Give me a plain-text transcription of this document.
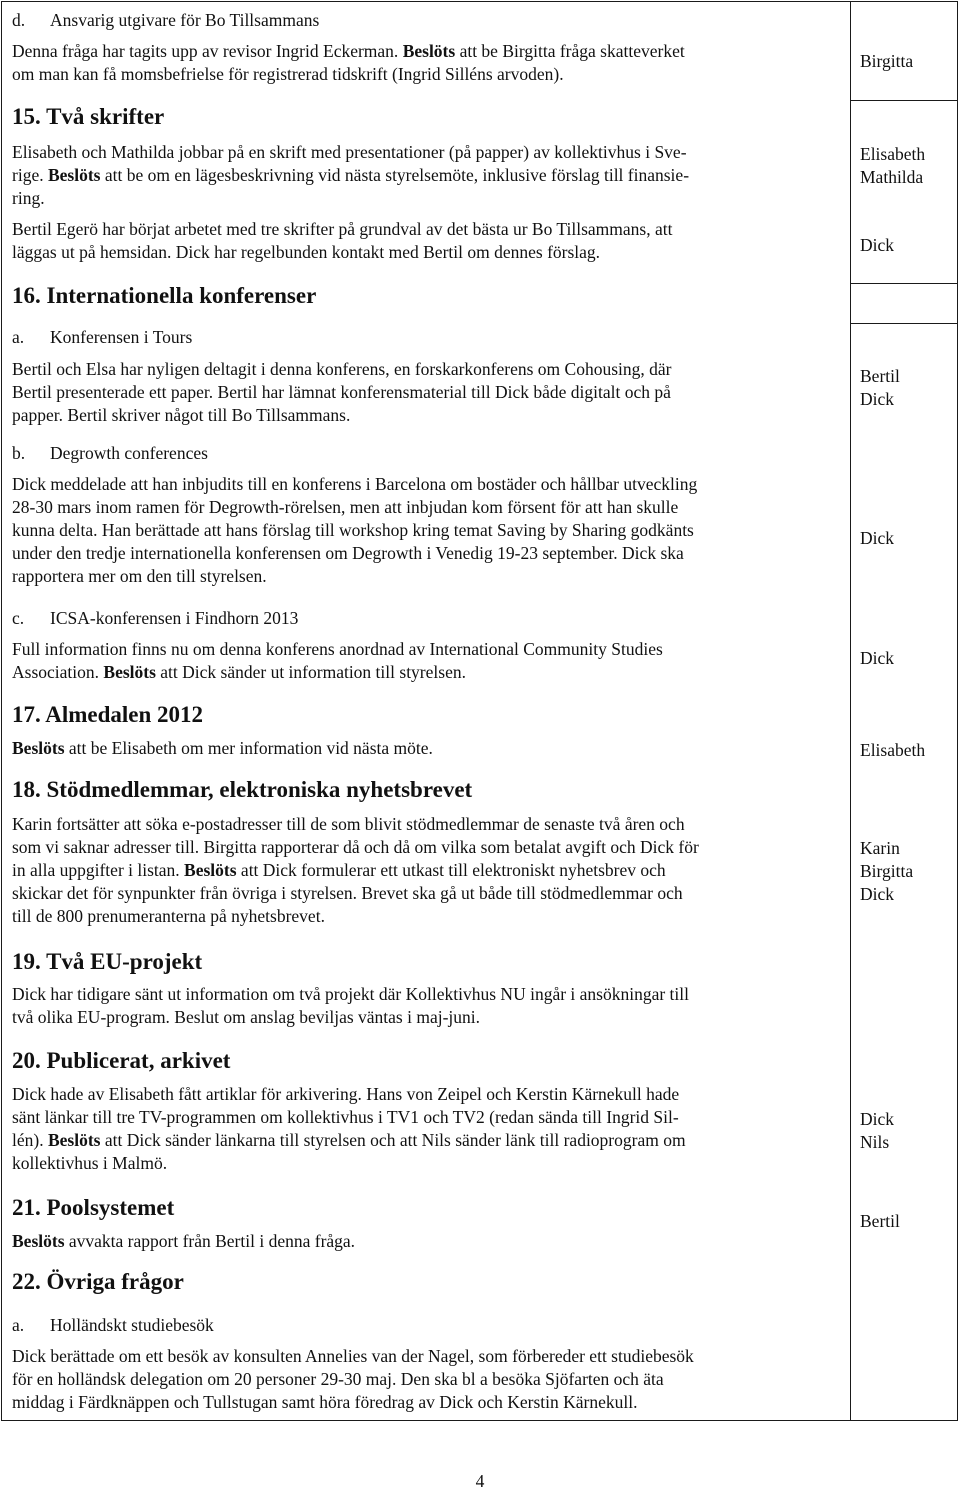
d. Ansvarig utgivare för Bo Tillsammans
Denna fråga har tagits upp av revisor Ingrid Eckerman. Beslöts att be Birgitta fråga skatteverket
om man kan få momsbefrielse för registrerad tidskrift (Ingrid Silléns arvoden).
15. Två skrifter
Elisabeth och Mathilda jobbar på en skrift med presentationer (på papper) av kollektivhus i Sve-
rige. Beslöts att be om en lägesbeskrivning vid nästa styrelsemöte, inklusive förslag till finansie-
ring.
Bertil Egerö har börjat arbetet med tre skrifter på grundval av det bästa ur Bo Tillsammans, att
läggas ut på hemsidan. Dick har regelbunden kontakt med Bertil om dennes förslag.
16. Internationella konferenser
a. Konferensen i Tours
Bertil och Elsa har nyligen deltagit i denna konferens, en forskarkonferens om Cohousing, där
Bertil presenterade ett paper. Bertil har lämnat konferensmaterial till Dick både digitalt och på
papper. Bertil skriver något till Bo Tillsammans.
b. Degrowth conferences
Dick meddelade att han inbjudits till en konferens i Barcelona om bostäder och hållbar utveckling
28-30 mars inom ramen för Degrowth-rörelsen, men att inbjudan kom försent för att han skulle
kunna delta. Han berättade att hans förslag till workshop kring temat Saving by Sharing godkänts
under den tredje internationella konferensen om Degrowth i Venedig 19-23 september. Dick ska
rapportera mer om den till styrelsen.
c. ICSA-konferensen i Findhorn 2013
Full information finns nu om denna konferens anordnad av International Community Studies
Association. Beslöts att Dick sänder ut information till styrelsen.
17. Almedalen 2012
Beslöts att be Elisabeth om mer information vid nästa möte.
18. Stödmedlemmar, elektroniska nyhetsbrevet
Karin fortsätter att söka e-postadresser till de som blivit stödmedlemmar de senaste två åren och
som vi saknar adresser till. Birgitta rapporterar då och då om vilka som betalat avgift och Dick för
in alla uppgifter i listan. Beslöts att Dick formulerar ett utkast till elektroniskt nyhetsbrev och
skickar det för synpunkter från övriga i styrelsen. Brevet ska gå ut både till stödmedlemmar och
till de 800 prenumeranterna på nyhetsbrevet.
19. Två EU-projekt
Dick har tidigare sänt ut information om två projekt där Kollektivhus NU ingår i ansökningar till
två olika EU-program. Beslut om anslag beviljas väntas i maj-juni.
20. Publicerat, arkivet
Dick hade av Elisabeth fått artiklar för arkivering. Hans von Zeipel och Kerstin Kärnekull hade
sänt länkar till tre TV-programmen om kollektivhus i TV1 och TV2 (redan sända till Ingrid Sil-
lén). Beslöts att Dick sänder länkarna till styrelsen och att Nils sänder länk till radioprogram om
kollektivhus i Malmö.
21. Poolsystemet
Beslöts avvakta rapport från Bertil i denna fråga.
22. Övriga frågor
a. Holländskt studiebesök
Dick berättade om ett besök av konsulten Annelies van der Nagel, som förbereder ett studiebesök
för en holländsk delegation om 20 personer 29-30 maj. Den ska bl a besöka Sjöfarten och äta
middag i Färdknäppen och Tullstugan samt höra föredrag av Dick och Kerstin Kärnekull.
Birgitta
Elisabeth
Mathilda
Dick
Bertil
Dick
Dick
Dick
Elisabeth
Karin
Birgitta
Dick
Dick
Nils
Bertil
4
